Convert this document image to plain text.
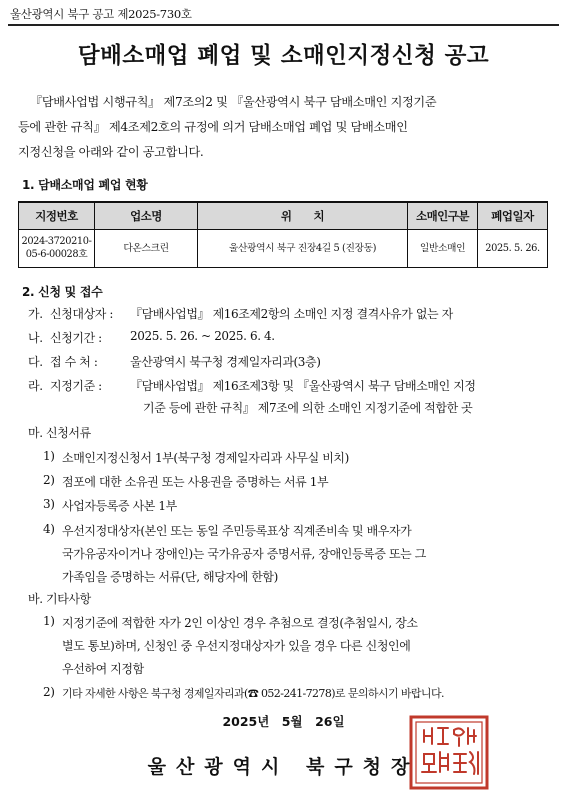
울산광역시 북구 공고 제2025-730호
담배소매업 폐업 및 소매인지정신청 공고
『담배사업법 시행규칙』 제7조의2 및 『울산광역시 북구 담배소매인 지정기준
등에 관한 규칙』 제4조제2호의 규정에 의거 담배소매업 폐업 및 담배소매인
지정신청을 아래와 같이 공고합니다.
1. 담배소매업 폐업 현황
지정번호	업소명	위　　치	소매인구분	폐업일자

2024-3720210-
05-6-00028호	다온스크린	울산광역시 북구 진장4길 5 (진장동)	일반소매인	2025. 5. 26.
2. 신청 및 접수
가. 신청대상자 : 『담배사업법』 제16조제2항의 소매인 지정 결격사유가 없는 자
나. 신청기간 : 2025. 5. 26. ~ 2025. 6. 4.
다. 접 수 처 :	울산광역시 북구청 경제일자리과(3층)
라. 지정기준 : 『담배사업법』 제16조제3항 및 『울산광역시 북구 담배소매인 지정
기준 등에 관한 규칙』 제7조에 의한 소매인 지정기준에 적합한 곳
마. 신청서류
1) 소매인지정신청서 1부(북구청 경제일자리과 사무실 비치)
2) 점포에 대한 소유권 또는 사용권을 증명하는 서류 1부
3) 사업자등록증 사본 1부
4) 우선지정대상자(본인 또는 동일 주민등록표상 직계존비속 및 배우자가
국가유공자이거나 장애인)는 국가유공자 증명서류, 장애인등록증 또는 그
가족임을 증명하는 서류(단, 해당자에 한함)
바. 기타사항
1) 지정기준에 적합한 자가 2인 이상인 경우 추첨으로 결정(추첨일시, 장소
별도 통보)하며, 신청인 중 우선지정대상자가 있을 경우 다른 신청인에
우선하여 지정함
2) 기타 자세한 사항은 북구청 경제일자리과(☎ 052-241-7278)로 문의하시기 바랍니다.
2025년　5월　26일
울산광역시 북구청장
